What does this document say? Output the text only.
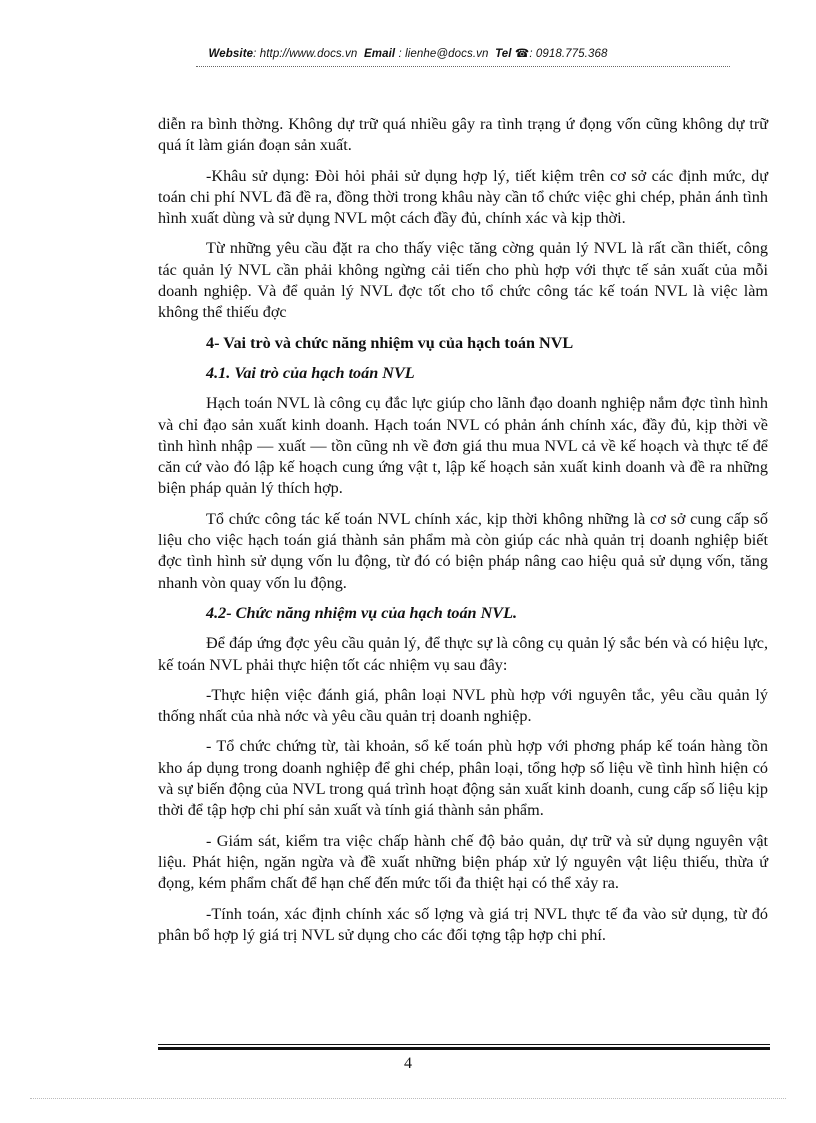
Website: http://www.docs.vn Email : lienhe@docs.vn Tel ☎: 0918.775.368

diễn ra bình thờng. Không dự trữ quá nhiều gây ra tình trạng ứ đọng vốn cũng không dự trữ quá ít làm gián đoạn sản xuất.

-Khâu sử dụng: Đòi hỏi phải sử dụng hợp lý, tiết kiệm trên cơ sở các định mức, dự toán chi phí NVL đã đề ra, đồng thời trong khâu này cần tổ chức việc ghi chép, phản ánh tình hình xuất dùng và sử dụng NVL một cách đầy đủ, chính xác và kịp thời.

Từ những yêu cầu đặt ra cho thấy việc tăng cờng quản lý NVL là rất cần thiết, công tác quản lý NVL cần phải không ngừng cải tiến cho phù hợp với thực tế sản xuất của mỗi doanh nghiệp. Và để quản lý NVL đợc tốt cho tổ chức công tác kế toán NVL là việc làm không thể thiếu đợc

4- Vai trò và chức năng nhiệm vụ của hạch toán NVL
4.1. Vai trò của hạch toán NVL

Hạch toán NVL là công cụ đắc lực giúp cho lãnh đạo doanh nghiệp nắm đợc tình hình và chỉ đạo sản xuất kinh doanh. Hạch toán NVL có phản ánh chính xác, đầy đủ, kịp thời về tình hình nhập — xuất — tồn cũng nh về đơn giá thu mua NVL cả về kế hoạch và thực tế để căn cứ vào đó lập kế hoạch cung ứng vật t, lập kế hoạch sản xuất kinh doanh và đề ra những biện pháp quản lý thích hợp.

Tổ chức công tác kế toán NVL chính xác, kịp thời không những là cơ sở cung cấp số liệu cho việc hạch toán giá thành sản phẩm mà còn giúp các nhà quản trị doanh nghiệp biết đợc tình hình sử dụng vốn lu động, từ đó có biện pháp nâng cao hiệu quả sử dụng vốn, tăng nhanh vòn quay vốn lu động.

4.2- Chức năng nhiệm vụ của hạch toán NVL.

Để đáp ứng đợc yêu cầu quản lý, để thực sự là công cụ quản lý sắc bén và có hiệu lực, kế toán NVL phải thực hiện tốt các nhiệm vụ sau đây:

-Thực hiện việc đánh giá, phân loại NVL phù hợp với nguyên tắc, yêu cầu quản lý thống nhất của nhà nớc và yêu cầu quản trị doanh nghiệp.

- Tổ chức chứng từ, tài khoản, sổ kế toán phù hợp với phơng pháp kế toán hàng tồn kho áp dụng trong doanh nghiệp để ghi chép, phân loại, tổng hợp số liệu về tình hình hiện có và sự biến động của NVL trong quá trình hoạt động sản xuất kinh doanh, cung cấp số liệu kịp thời để tập hợp chi phí sản xuất và tính giá thành sản phẩm.

- Giám sát, kiểm tra việc chấp hành chế độ bảo quản, dự trữ và sử dụng nguyên vật liệu. Phát hiện, ngăn ngừa và đề xuất những biện pháp xử lý nguyên vật liệu thiếu, thừa ứ đọng, kém phẩm chất để hạn chế đến mức tối đa thiệt hại có thể xảy ra.

-Tính toán, xác định chính xác số lợng và giá trị NVL thực tế đa vào sử dụng, từ đó phân bổ hợp lý giá trị NVL sử dụng cho các đối tợng tập hợp chi phí.

4
